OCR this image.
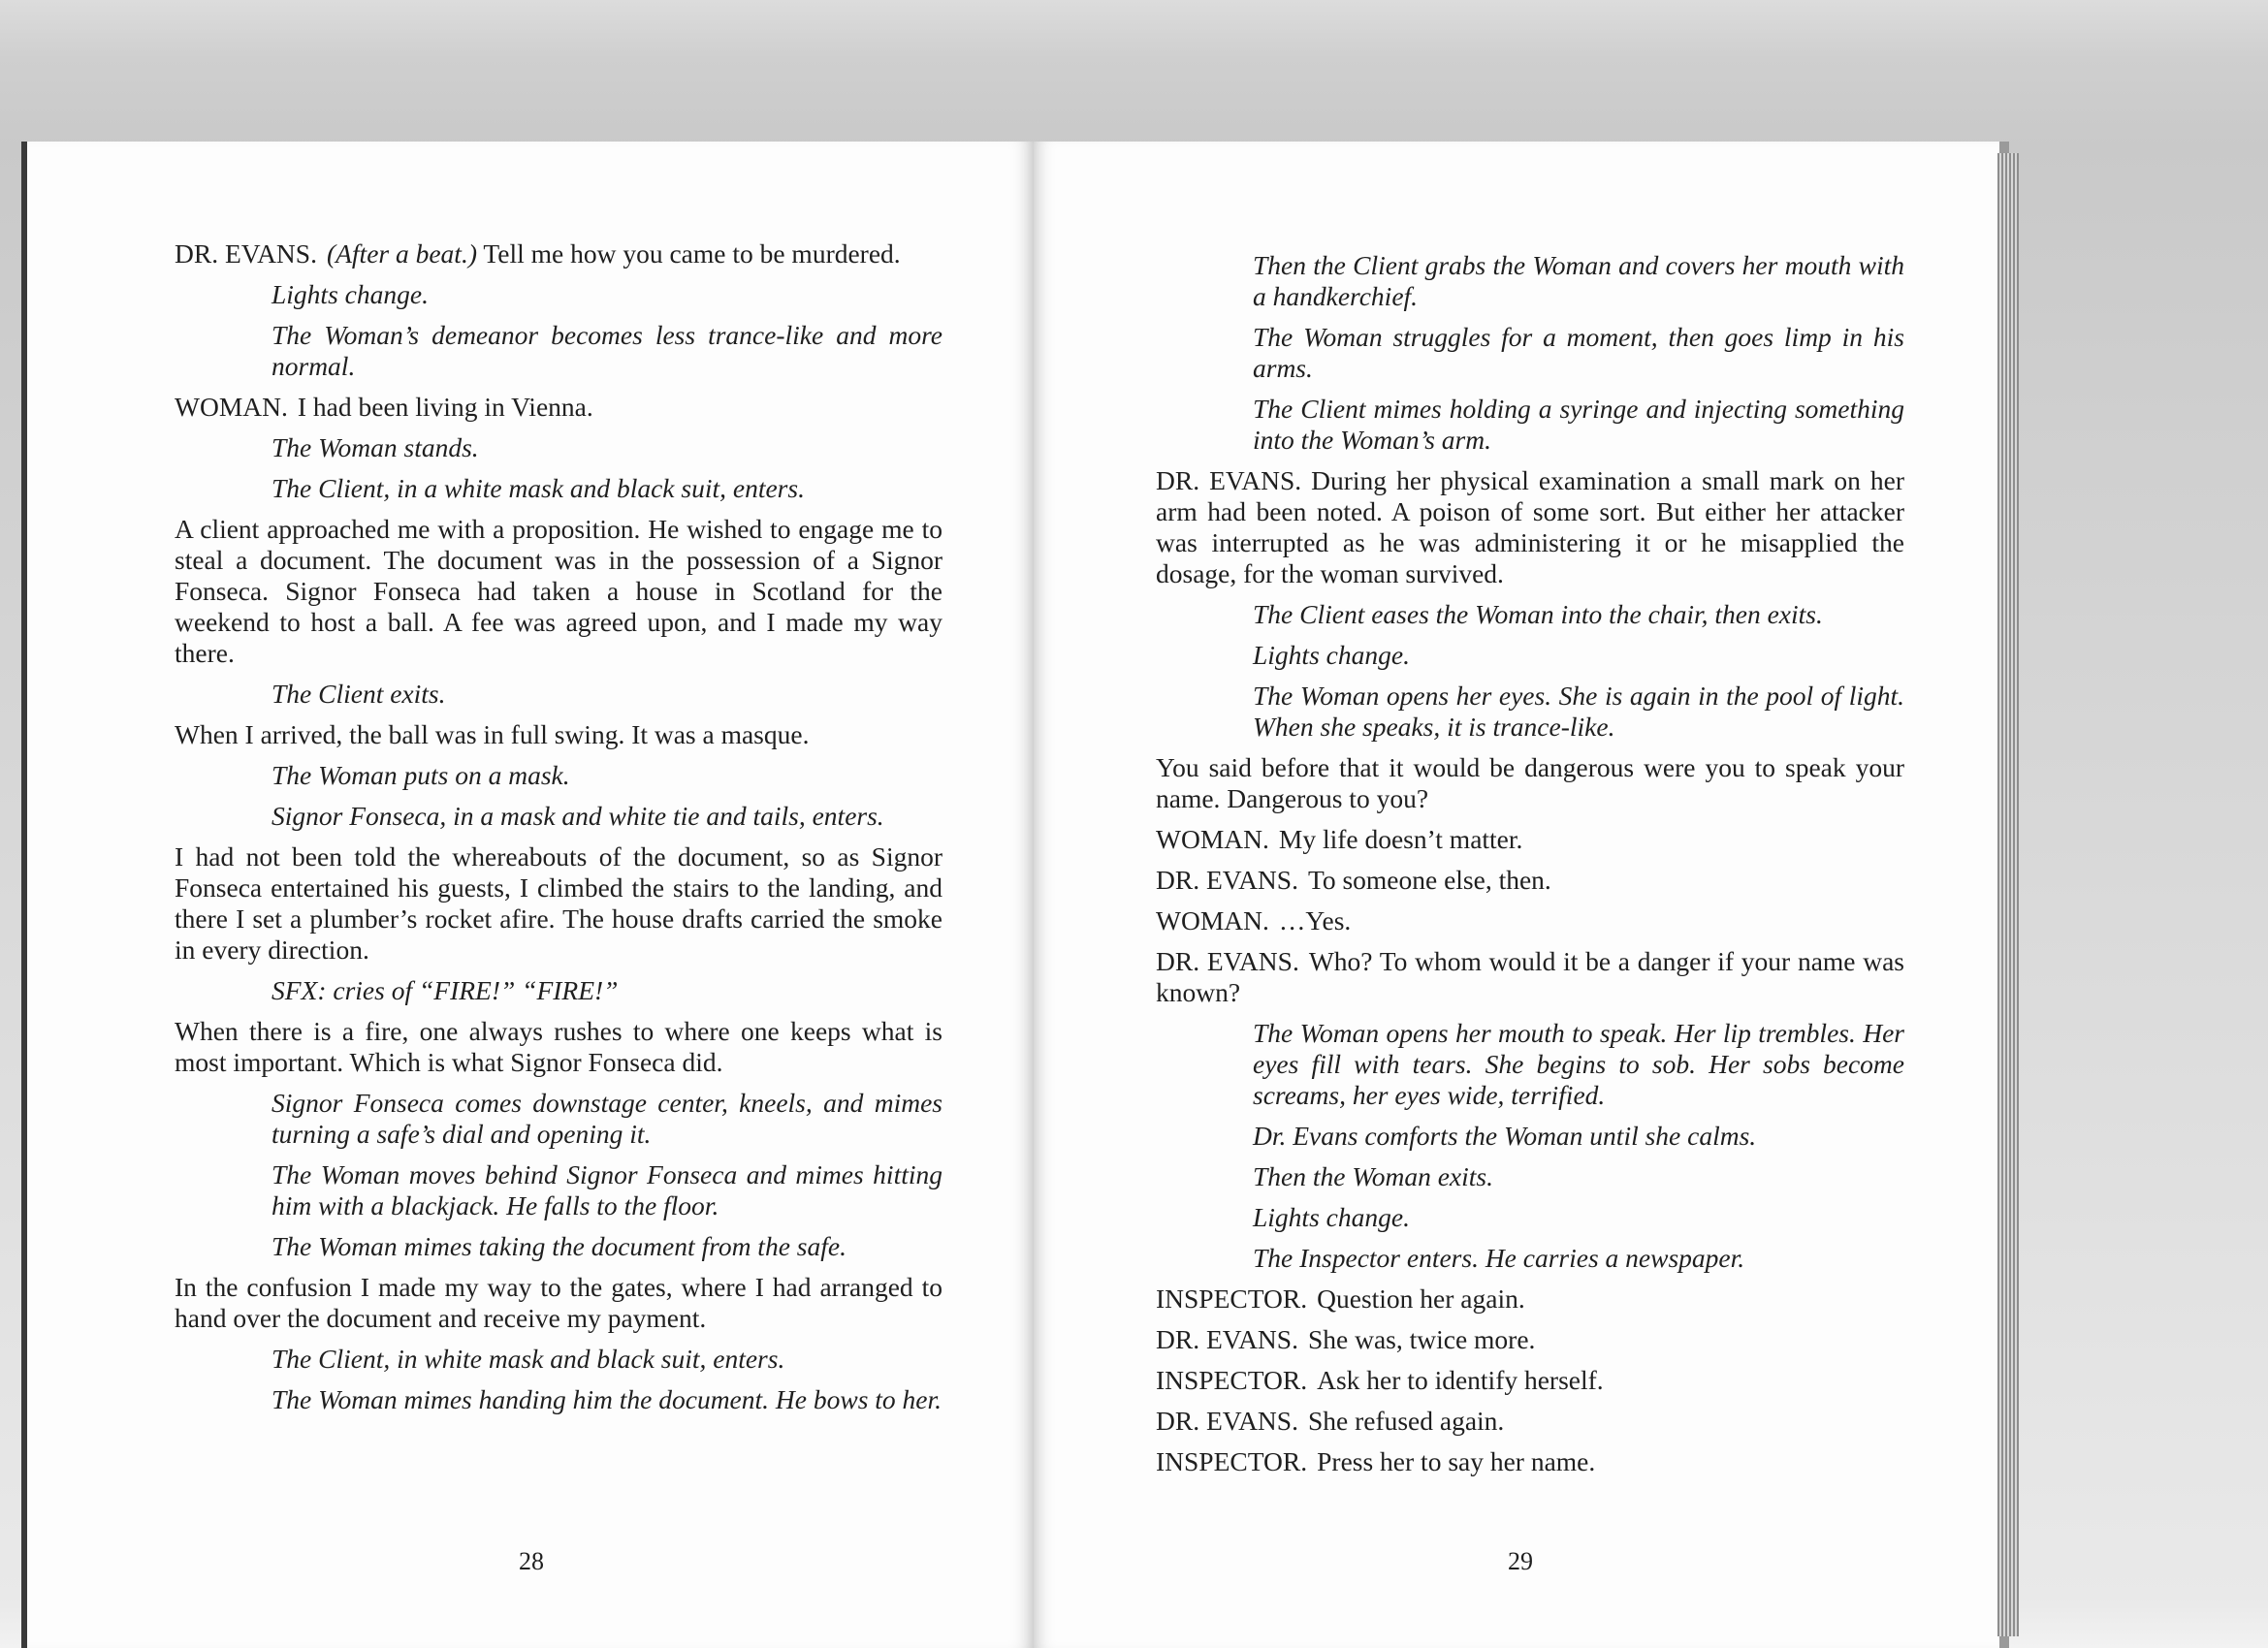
DR. EVANS. (After a beat.) Tell me how you came to be murdered.

Lights change.

The Woman’s demeanor becomes less trance-like and more normal.

WOMAN. I had been living in Vienna.

The Woman stands.

The Client, in a white mask and black suit, enters.

A client approached me with a proposition. He wished to engage me to steal a document. The document was in the possession of a Signor Fonseca. Signor Fonseca had taken a house in Scotland for the weekend to host a ball. A fee was agreed upon, and I made my way there.

The Client exits.

When I arrived, the ball was in full swing. It was a masque.

The Woman puts on a mask.

Signor Fonseca, in a mask and white tie and tails, enters.

I had not been told the whereabouts of the document, so as Signor Fonseca entertained his guests, I climbed the stairs to the landing, and there I set a plumber’s rocket afire. The house drafts carried the smoke in every direction.

SFX: cries of “FIRE!” “FIRE!”

When there is a fire, one always rushes to where one keeps what is most important. Which is what Signor Fonseca did.

Signor Fonseca comes downstage center, kneels, and mimes turning a safe’s dial and opening it.

The Woman moves behind Signor Fonseca and mimes hitting him with a blackjack. He falls to the floor.

The Woman mimes taking the document from the safe.

In the confusion I made my way to the gates, where I had arranged to hand over the document and receive my payment.

The Client, in white mask and black suit, enters.

The Woman mimes handing him the document. He bows to her.

28

Then the Client grabs the Woman and covers her mouth with a handkerchief.

The Woman struggles for a moment, then goes limp in his arms.

The Client mimes holding a syringe and injecting something into the Woman’s arm.

DR. EVANS. During her physical examination a small mark on her arm had been noted. A poison of some sort. But either her attacker was interrupted as he was administering it or he misapplied the dosage, for the woman survived.

The Client eases the Woman into the chair, then exits.

Lights change.

The Woman opens her eyes. She is again in the pool of light. When she speaks, it is trance-like.

You said before that it would be dangerous were you to speak your name. Dangerous to you?

WOMAN. My life doesn’t matter.

DR. EVANS. To someone else, then.

WOMAN. …Yes.

DR. EVANS. Who? To whom would it be a danger if your name was known?

The Woman opens her mouth to speak. Her lip trembles. Her eyes fill with tears. She begins to sob. Her sobs become screams, her eyes wide, terrified.

Dr. Evans comforts the Woman until she calms.

Then the Woman exits.

Lights change.

The Inspector enters. He carries a newspaper.

INSPECTOR. Question her again.

DR. EVANS. She was, twice more.

INSPECTOR. Ask her to identify herself.

DR. EVANS. She refused again.

INSPECTOR. Press her to say her name.

29
